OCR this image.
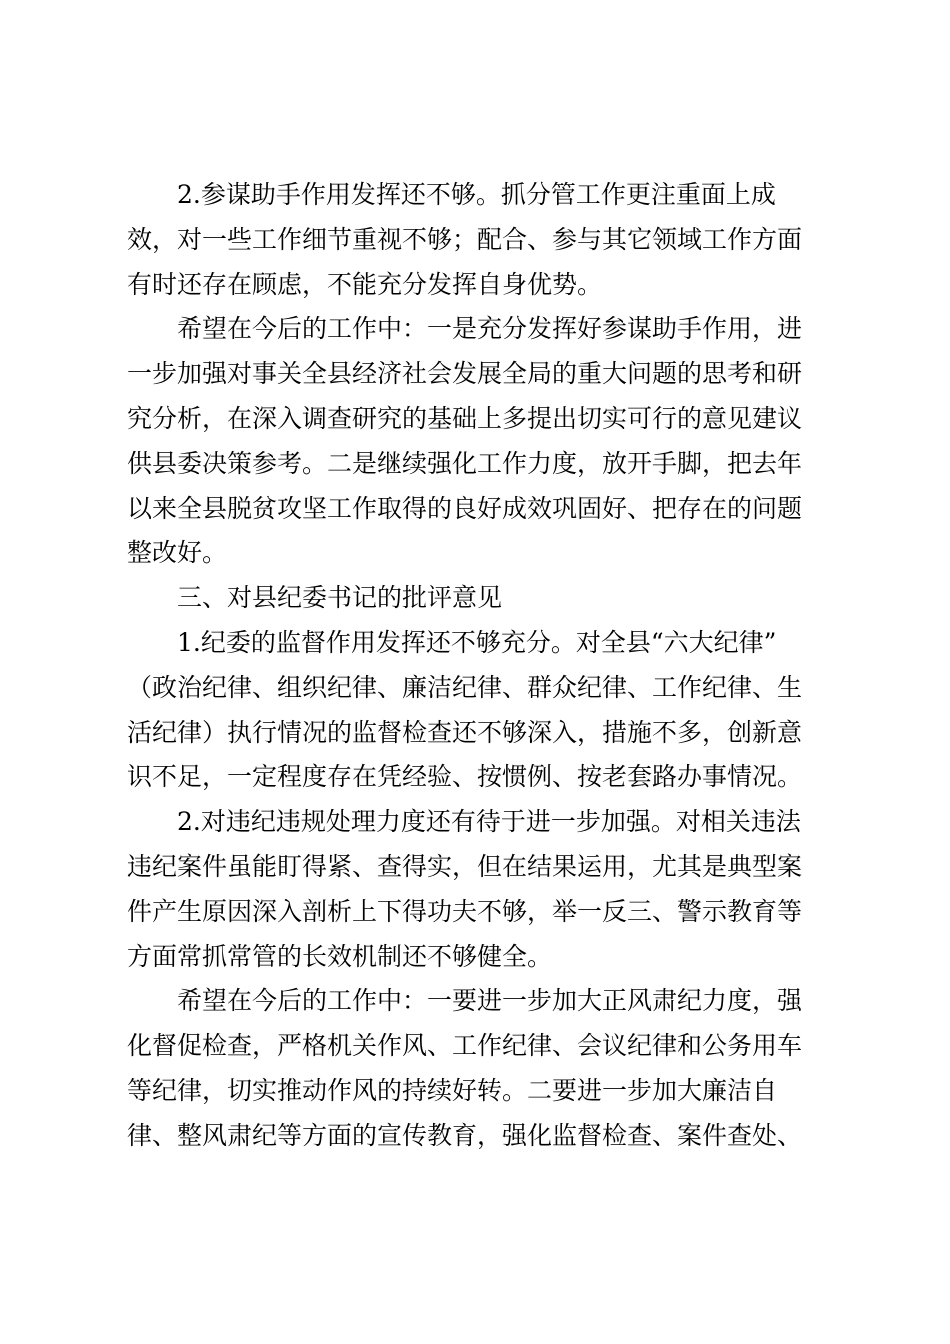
2.参谋助手作用发挥还不够。抓分管工作更注重面上成
效，对一些工作细节重视不够；配合、参与其它领域工作方面
有时还存在顾虑，不能充分发挥自身优势。
希望在今后的工作中：一是充分发挥好参谋助手作用，进
一步加强对事关全县经济社会发展全局的重大问题的思考和研
究分析，在深入调查研究的基础上多提出切实可行的意见建议
供县委决策参考。二是继续强化工作力度，放开手脚，把去年
以来全县脱贫攻坚工作取得的良好成效巩固好、把存在的问题
整改好。
三、对县纪委书记的批评意见
1.纪委的监督作用发挥还不够充分。对全县“六大纪律”
（政治纪律、组织纪律、廉洁纪律、群众纪律、工作纪律、生
活纪律）执行情况的监督检查还不够深入，措施不多，创新意
识不足，一定程度存在凭经验、按惯例、按老套路办事情况。
2.对违纪违规处理力度还有待于进一步加强。对相关违法
违纪案件虽能盯得紧、查得实，但在结果运用，尤其是典型案
件产生原因深入剖析上下得功夫不够，举一反三、警示教育等
方面常抓常管的长效机制还不够健全。
希望在今后的工作中：一要进一步加大正风肃纪力度，强
化督促检查，严格机关作风、工作纪律、会议纪律和公务用车
等纪律，切实推动作风的持续好转。二要进一步加大廉洁自
律、整风肃纪等方面的宣传教育，强化监督检查、案件查处、
